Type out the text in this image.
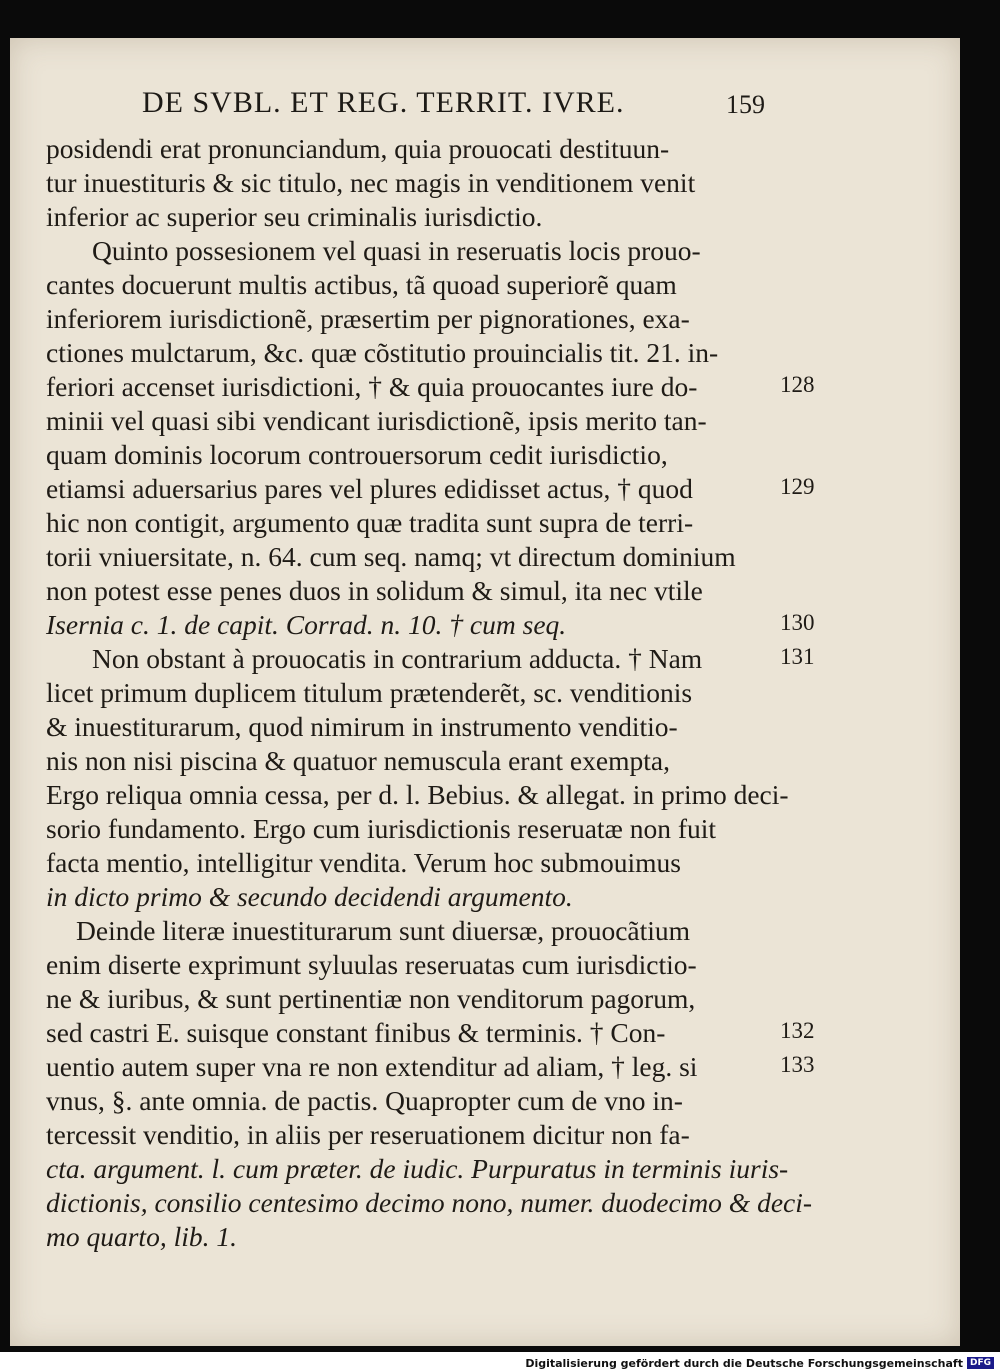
DE SVBL. ET REG. TERRIT. IVRE.	159
posidendi erat pronunciandum, quia prouocati destituun-
tur inuestituris & sic titulo, nec magis in venditionem venit
inferior ac superior seu criminalis iurisdictio.
Quinto possesionem vel quasi in reseruatis locis prouo-
cantes docuerunt multis actibus, tã quoad superiorẽ quam
inferiorem iurisdictionẽ, præsertim per pignorationes, exa-
ctiones mulctarum, &c. quæ cõstitutio prouincialis tit. 21. in-
feriori accenset iurisdictioni, † & quia prouocantes iure do-
minii vel quasi sibi vendicant iurisdictionẽ, ipsis merito tan-
quam dominis locorum controuersorum cedit iurisdictio,
etiamsi aduersarius pares vel plures edidisset actus, † quod
hic non contigit, argumento quæ tradita sunt supra de terri-
torii vniuersitate, n. 64. cum seq. namq; vt directum dominium
non potest esse penes duos in solidum & simul, ita nec vtile
Isernia c. 1. de capit. Corrad. n. 10. † cum seq.
Non obstant à prouocatis in contrarium adducta. † Nam
licet primum duplicem titulum prætenderẽt, sc. venditionis
& inuestiturarum, quod nimirum in instrumento venditio-
nis non nisi piscina & quatuor nemuscula erant exempta,
Ergo reliqua omnia cessa, per d. l. Bebius. & allegat. in primo deci-
sorio fundamento. Ergo cum iurisdictionis reseruatæ non fuit
facta mentio, intelligitur vendita. Verum hoc submouimus
in dicto primo & secundo decidendi argumento.
Deinde literæ inuestiturarum sunt diuersæ, prouocãtium
enim diserte exprimunt syluulas reseruatas cum iurisdictio-
ne & iuribus, & sunt pertinentiæ non venditorum pagorum,
sed castri E. suisque constant finibus & terminis. † Con-
uentio autem super vna re non extenditur ad aliam, † leg. si
vnus, §. ante omnia. de pactis. Quapropter cum de vno in-
tercessit venditio, in aliis per reseruationem dicitur non fa-
cta. argument. l. cum præter. de iudic. Purpuratus in terminis iuris-
dictionis, consilio centesimo decimo nono, numer. duodecimo & deci-
mo quarto, lib. 1.
128
129
130
131
132
133
Digitalisierung gefördert durch die Deutsche Forschungsgemeinschaft DFG
